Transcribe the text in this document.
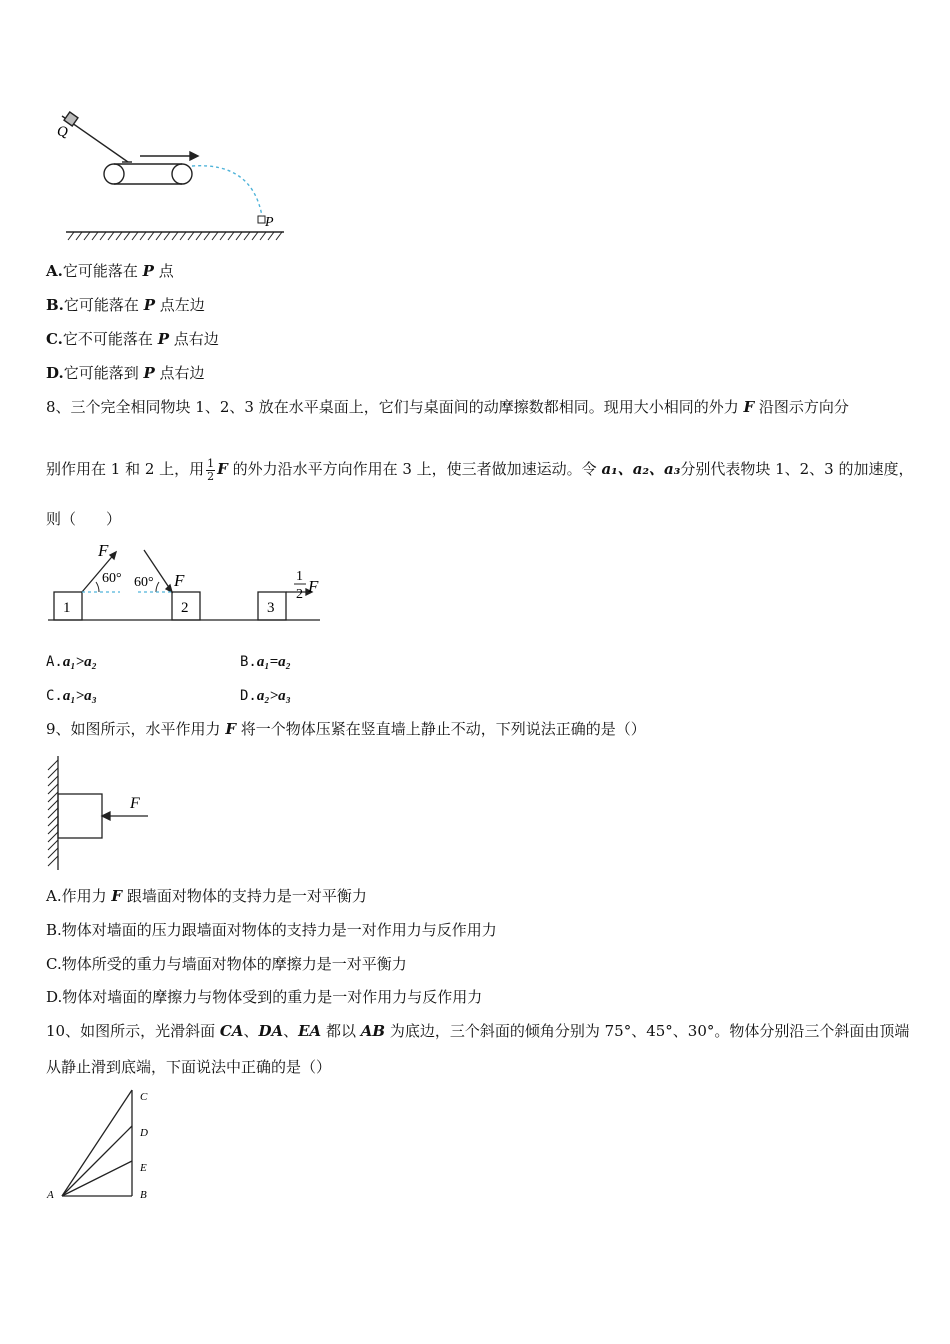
Q
P
A.它可能落在 P 点
B.它可能落在 P 点左边
C.它不可能落在 P 点右边
D.它可能落到 P 点右边
8、三个完全相同物块 1、2、3 放在水平桌面上，它们与桌面间的动摩擦数都相同。现用大小相同的外力 F 沿图示方向分
别作用在 1 和 2 上，用 $\frac{1}{2}$ F 的外力沿水平方向作用在 3 上，使三者做加速运动。令 a₁、a₂、a₃分别代表物块 1、2、3 的加速度，
则（　　）
1	2	3
F
60° 60° F	1
2 F
A.a₁>a₂	B.a₁=a₂
C.a₁>a₃	D.a₂>a₃
9、如图所示，水平作用力 F 将一个物体压紧在竖直墙上静止不动，下列说法正确的是（）
F
A.作用力 F 跟墙面对物体的支持力是一对平衡力
B.物体对墙面的压力跟墙面对物体的支持力是一对作用力与反作用力
C.物体所受的重力与墙面对物体的摩擦力是一对平衡力
D.物体对墙面的摩擦力与物体受到的重力是一对作用力与反作用力
10、如图所示，光滑斜面 CA、DA、EA 都以 AB 为底边，三个斜面的倾角分别为 75°、45°、30°。物体分别沿三个斜面由顶端
从静止滑到底端，下面说法中正确的是（）
A	B
C
D
E
